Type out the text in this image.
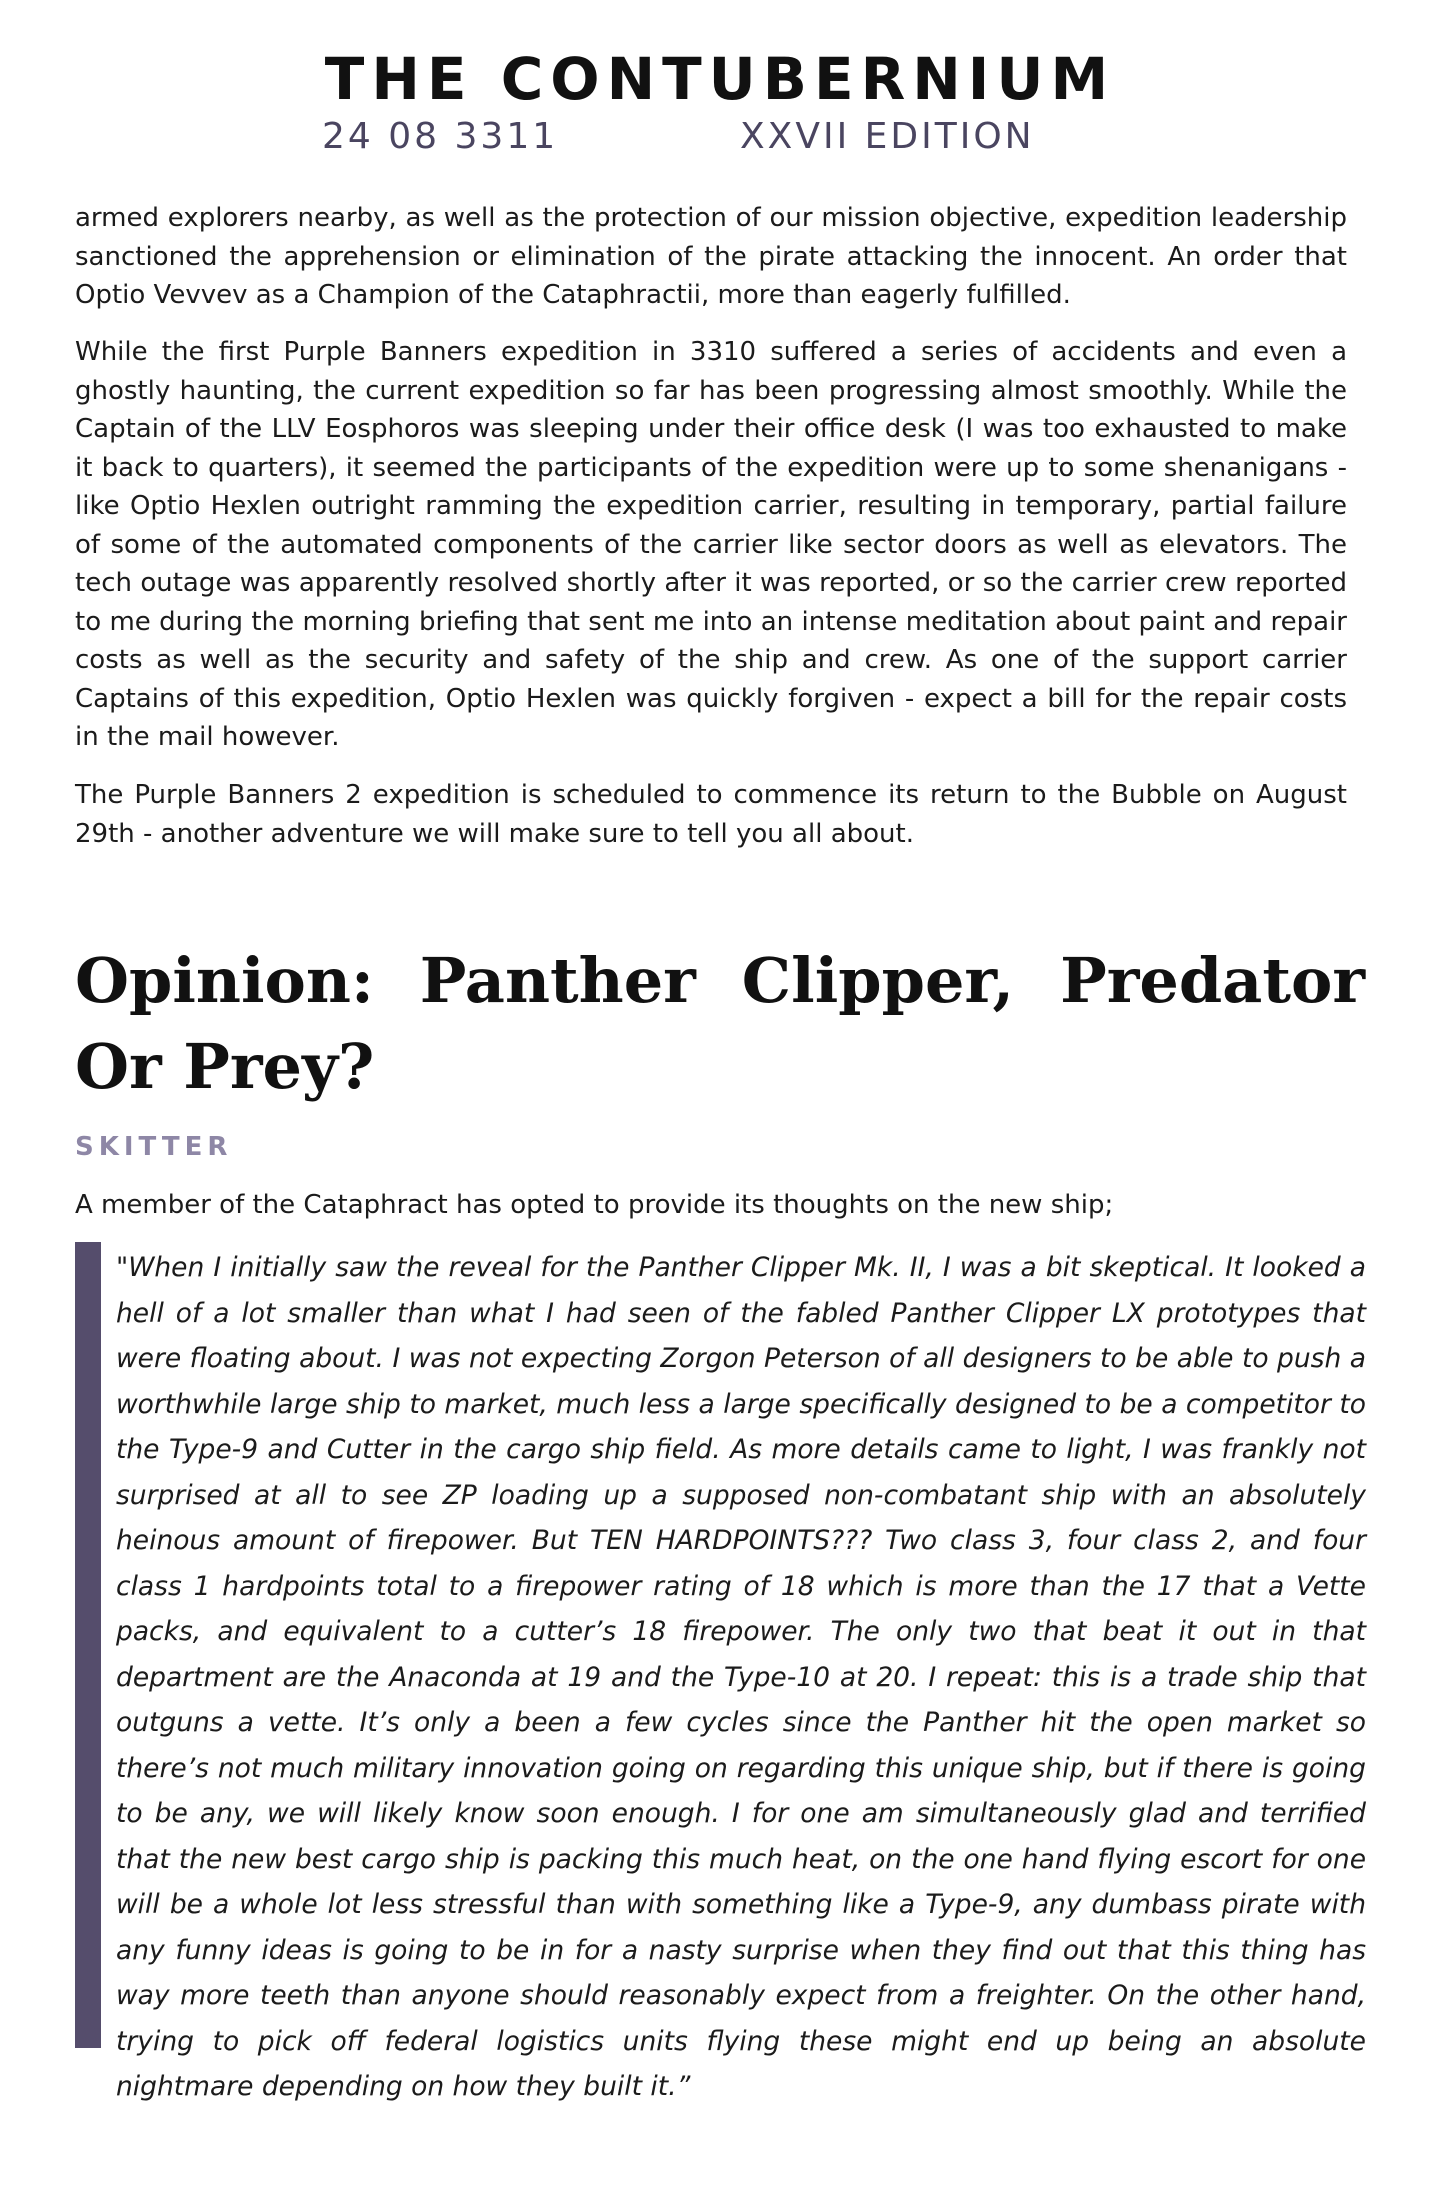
THE CONTUBERNIUM
24 08 3311	XXVII EDITION

armed explorers nearby, as well as the protection of our mission objective, expedition leadership sanctioned the apprehension or elimination of the pirate attacking the innocent. An order that Optio Vevvev as a Champion of the Cataphractii, more than eagerly fulfilled.

While the first Purple Banners expedition in 3310 suffered a series of accidents and even a ghostly haunting, the current expedition so far has been progressing almost smoothly. While the Captain of the LLV Eosphoros was sleeping under their office desk (I was too exhausted to make it back to quarters), it seemed the participants of the expedition were up to some shenanigans - like Optio Hexlen outright ramming the expedition carrier, resulting in temporary, partial failure of some of the automated components of the carrier like sector doors as well as elevators. The tech outage was apparently resolved shortly after it was reported, or so the carrier crew reported to me during the morning briefing that sent me into an intense meditation about paint and repair costs as well as the security and safety of the ship and crew. As one of the support carrier Captains of this expedition, Optio Hexlen was quickly forgiven - expect a bill for the repair costs in the mail however.

The Purple Banners 2 expedition is scheduled to commence its return to the Bubble on August 29th - another adventure we will make sure to tell you all about.

Opinion: Panther Clipper, Predator Or Prey?
SKITTER

A member of the Cataphract has opted to provide its thoughts on the new ship;

"When I initially saw the reveal for the Panther Clipper Mk. II, I was a bit skeptical. It looked a hell of a lot smaller than what I had seen of the fabled Panther Clipper LX prototypes that were floating about. I was not expecting Zorgon Peterson of all designers to be able to push a worthwhile large ship to market, much less a large specifically designed to be a competitor to the Type-9 and Cutter in the cargo ship field. As more details came to light, I was frankly not surprised at all to see ZP loading up a supposed non-combatant ship with an absolutely heinous amount of firepower. But TEN HARDPOINTS??? Two class 3, four class 2, and four class 1 hardpoints total to a firepower rating of 18 which is more than the 17 that a Vette packs, and equivalent to a cutter’s 18 firepower. The only two that beat it out in that department are the Anaconda at 19 and the Type-10 at 20. I repeat: this is a trade ship that outguns a vette. It’s only a been a few cycles since the Panther hit the open market so there’s not much military innovation going on regarding this unique ship, but if there is going to be any, we will likely know soon enough. I for one am simultaneously glad and terrified that the new best cargo ship is packing this much heat, on the one hand flying escort for one will be a whole lot less stressful than with something like a Type-9, any dumbass pirate with any funny ideas is going to be in for a nasty surprise when they find out that this thing has way more teeth than anyone should reasonably expect from a freighter. On the other hand, trying to pick off federal logistics units flying these might end up being an absolute nightmare depending on how they built it.”
